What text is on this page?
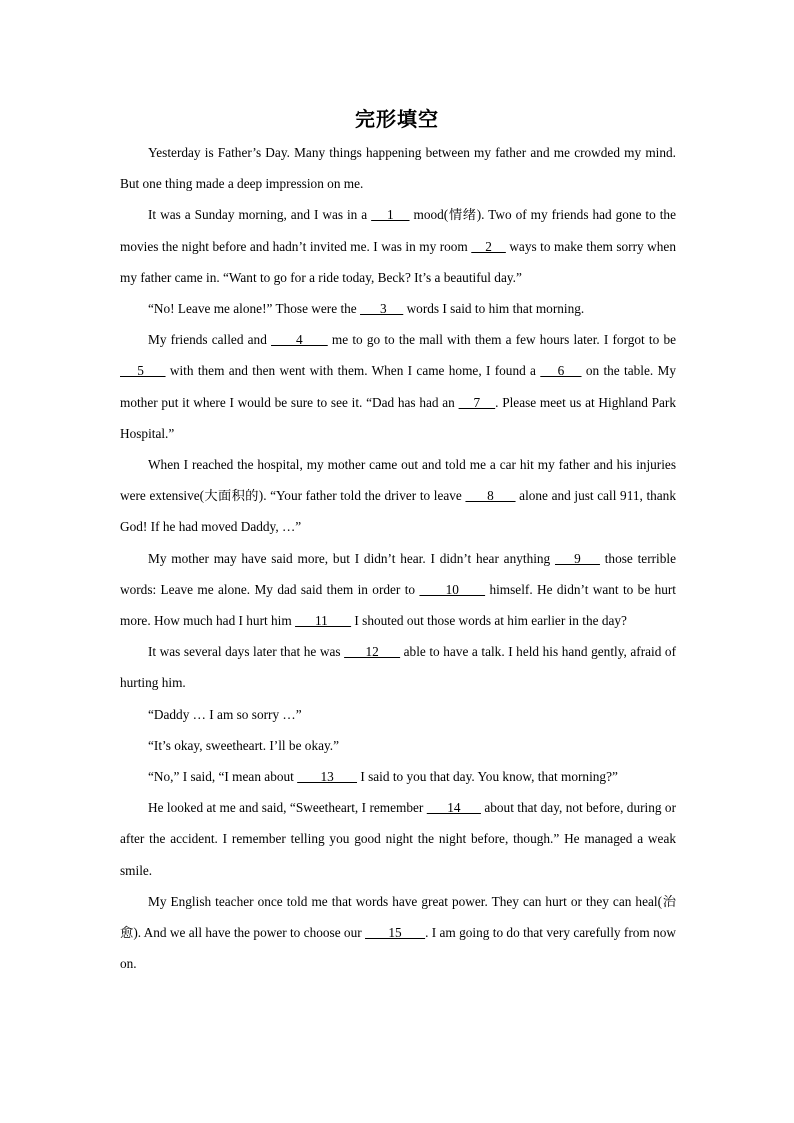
完形填空

Yesterday is Father’s Day. Many things happening between my father and me crowded my mind. But one thing made a deep impression on me.

It was a Sunday morning, and I was in a     1     mood(情绪). Two of my friends had gone to the movies the night before and hadn’t invited me. I was in my room     2     ways to make them sorry when my father came in. “Want to go for a ride today, Beck? It’s a beautiful day.”

“No! Leave me alone!” Those were the       3      words I said to him that morning.

My friends called and       4       me to go to the mall with them a few hours later. I forgot to be     5      with them and then went with them. When I came home, I found a     6     on the table. My mother put it where I would be sure to see it. “Dad has had an     7    . Please meet us at Highland Park Hospital.”

When I reached the hospital, my mother came out and told me a car hit my father and his injuries were extensive(大面积的). “Your father told the driver to leave       8       alone and just call 911, thank God! If he had moved Daddy, …”

My mother may have said more, but I didn’t hear. I didn’t hear anything     9     those terrible words: Leave me alone. My dad said them in order to       10       himself. He didn’t want to be hurt more. How much had I hurt him       11        I shouted out those words at him earlier in the day?

It was several days later that he was       12       able to have a talk. I held his hand gently, afraid of hurting him.

“Daddy … I am so sorry …”

“It’s okay, sweetheart. I’ll be okay.”

“No,” I said, “I mean about        13        I said to you that day. You know, that morning?”

He looked at me and said, “Sweetheart, I remember       14       about that day, not before, during or after the accident. I remember telling you good night the night before, though.” He managed a weak smile.

My English teacher once told me that words have great power. They can hurt or they can heal(治愈). And we all have the power to choose our        15       . I am going to do that very carefully from now on.
